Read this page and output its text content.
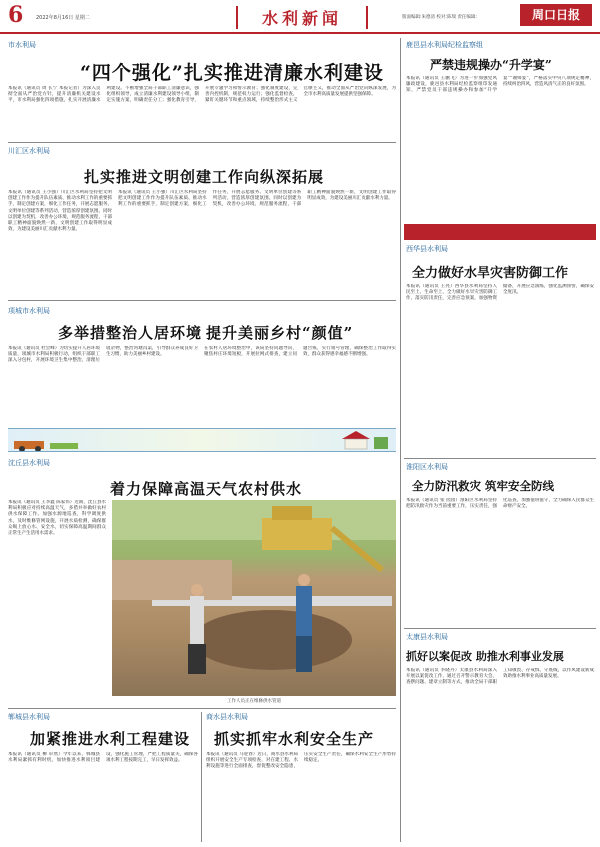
6	2022年8月16日 星期二	水利新闻	版面编辑:朱德清 校对:陈瑞 责任编辑:	周口日报
市水利局
“四个强化”扎实推进清廉水利建设
本报讯（通讯员 周 长宁 本报记者）为深入贯彻全面从严治党方针，提升清廉机关建设水平，市水利局强化四项措施，扎实开展清廉水利建设。不断增强全局干部职工清廉意识，强化组织领导，成立清廉水利建设领导小组，制定实施方案，明确责任分工；强化教育引导，开展专题学习和警示教育；强化制度建设，完善内控机制，规范权力运行；强化监督检查，紧盯关键环节和重点领域，持续整治形式主义官僚主义，推动全面从严治党向纵深发展，为全市水利高质量发展提供坚强保障。
川汇区水利局
扎实推进文明创建工作向纵深拓展
本报讯（通讯员 王小强）川汇区水利局坚持把文明创建工作作为提升队伍素质、推动水利工作的重要抓手，制定创建方案，细化工作任务，开展志愿服务、文明单位创建等系列活动，营造浓厚创建氛围。同时以创建为契机，改善办公环境，规范服务流程，干部职工精神面貌焕然一新，文明创建工作取得明显成效，为建设美丽川汇贡献水利力量。
本报讯（通讯员 王小强）川汇区水利局坚持把文明创建工作作为提升队伍素质、推动水利工作的重要抓手，制定创建方案，细化工作任务，开展志愿服务、文明单位创建等系列活动，营造浓厚创建氛围。同时以创建为契机，改善办公环境，规范服务流程，干部职工精神面貌焕然一新，文明创建工作取得明显成效，为建设美丽川汇贡献水利力量。
项城市水利局
多举措整治人居环境
本报讯（通讯员 杜会峰）为切实提升人居环境质量，项城市水利局积极行动，组织干部职工深入分包村，开展环境卫生集中整治，清理垃圾杂物，整治河塘沟渠，引导群众养成良好卫生习惯，助力美丽乡村建设。
提升美丽乡村“颜值”
在农村人居环境整治中，该局坚持问题导向，聚焦村庄环境短板，开展拉网式排查，建立问题台账，实行销号管理，确保整治工作取得实效，群众获得感幸福感不断增强。
沈丘县水利局
着力保障高温天气农村供水
本报讯（通讯员 王李鑫 陈家伟）近期，沈丘县水利局积极应对持续高温天气，多措并举做好农村供水保障工作。加强水源地巡查，科学调度供水，及时维修管网设施，开展水质检测，确保群众喝上放心水、安全水，切实保障高温期间群众正常生产生活用水需求。
工作人员正在维修供水管道
郸城县水利局
加紧推进水利工程建设
本报讯（通讯员 柳 卓然）今年以来，郸城县水利局紧抓有利时机，加快推进水利项目建设，强化施工管理，严把工程质量关，确保各项水利工程按期完工，早日发挥效益。
商水县水利局
抓实抓牢水利安全生产
本报讯（通讯员 马迎春）近日，商水县水利局组织开展安全生产专项检查，对在建工程、水利设施等进行全面排查，督促整改安全隐患，压实安全生产责任，确保水利安全生产形势持续稳定。
鹿邑县水利局纪检监察组
严禁违规操办“升学宴”
本报讯（通讯员 王鹏飞）为进一步加强党风廉政建设，鹿邑县水利局纪检监察组印发通知，严禁党员干部违规操办和参加“升学宴”“谢师宴”，严格落实中央八项规定精神，持续纠治四风，营造风清气正的良好氛围。
西华县水利局
全力做好水旱灾害防御工作
本报讯（通讯员 王亮）西华县水利局坚持人民至上、生命至上，全力做好水旱灾害防御工作，落实防汛责任，完善应急预案，加强物资储备，开展应急演练，强化监测预警，确保安全度汛。
淮阳区水利局
全力防汛救灾 筑牢安全防线
本报讯（通讯员 张 园园）淮阳区水利局坚持把防汛救灾作为当前重要工作，压实责任，强化巡查，加强值班值守，全力确保人民群众生命财产安全。
太康县水利局
抓好以案促改 助推水利事业发展
本报讯（通讯员 李晓丹）太康县水利局深入开展以案促改工作，通过召开警示教育大会、查摆问题、建章立制等方式，推动全局干部职工知敬畏、存戒惧、守底线，以作风建设新成效助推水利事业高质量发展。
